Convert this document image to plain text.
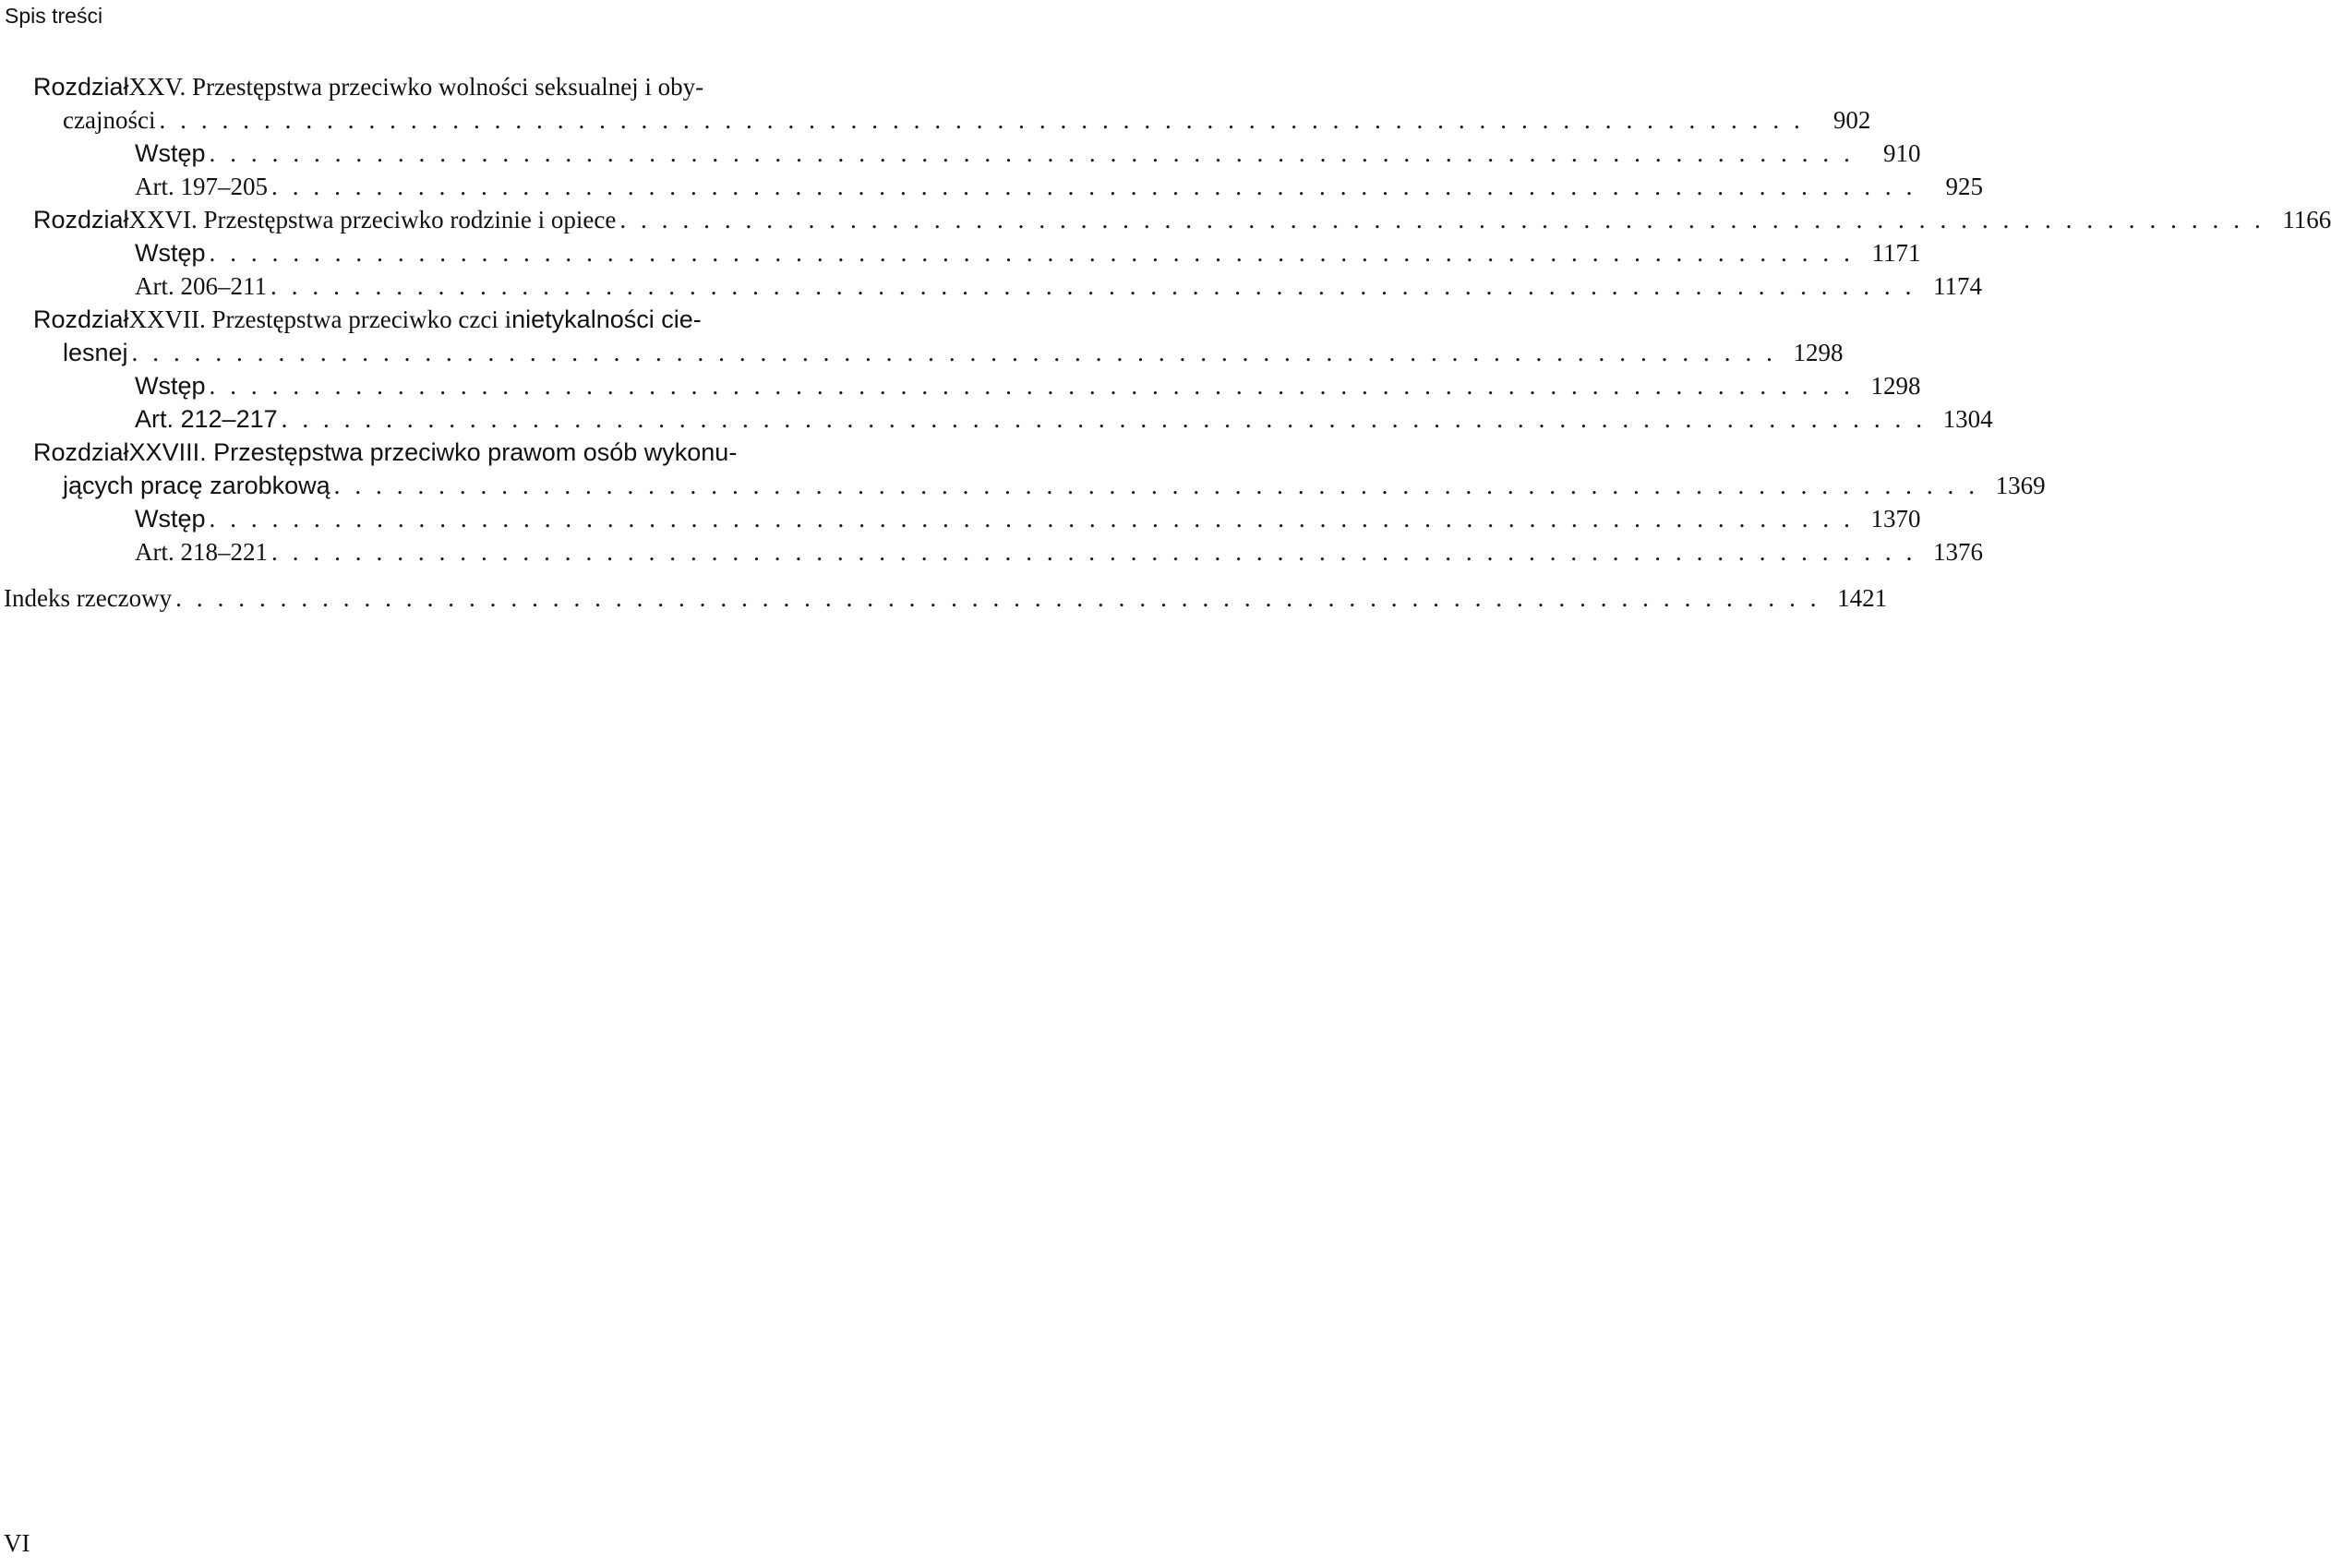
Spis treści
Rozdział XXV. Przestępstwa przeciwko wolności seksualnej i oby-
czajności . . . . . . . . . . . . . . . . . . . . . . . . . . . . . . . . . . . . . . . . . . . . . . . . . . . . . . . . . . . . . . . . . . . . . . . . . . . . . . .	902
Wstęp . . . . . . . . . . . . . . . . . . . . . . . . . . . . . . . . . . . . . . . . . . . . . . . . . . . . . . . . . . . . . . . . . . . . . . . . . . . . . . .	910
Art. 197–205 . . . . . . . . . . . . . . . . . . . . . . . . . . . . . . . . . . . . . . . . . . . . . . . . . . . . . . . . . . . . . . . . . . . . . . . . . . . . . . .	925
Rozdział XXVI. Przestępstwa przeciwko rodzinie i opiece . . . . . . . . . . . . . . . . . . . . . . . . . . . . . . . . . . . . . . . . . . . . . . . . . . . . . . . . . . . . . . . . . . . . . . . . . . . . . . . 1166
Wstęp . . . . . . . . . . . . . . . . . . . . . . . . . . . . . . . . . . . . . . . . . . . . . . . . . . . . . . . . . . . . . . . . . . . . . . . . . . . . . . . 1171
Art. 206–211 . . . . . . . . . . . . . . . . . . . . . . . . . . . . . . . . . . . . . . . . . . . . . . . . . . . . . . . . . . . . . . . . . . . . . . . . . . . . . . . 1174
Rozdział XXVII. Przestępstwa przeciwko czci i nietykalności cie-
lesnej . . . . . . . . . . . . . . . . . . . . . . . . . . . . . . . . . . . . . . . . . . . . . . . . . . . . . . . . . . . . . . . . . . . . . . . . . . . . . . . 1298
Wstęp . . . . . . . . . . . . . . . . . . . . . . . . . . . . . . . . . . . . . . . . . . . . . . . . . . . . . . . . . . . . . . . . . . . . . . . . . . . . . . . 1298
Art. 212–217 . . . . . . . . . . . . . . . . . . . . . . . . . . . . . . . . . . . . . . . . . . . . . . . . . . . . . . . . . . . . . . . . . . . . . . . . . . . . . . . 1304
Rozdział XXVIII. Przestępstwa przeciwko prawom osób wykonu-
jących pracę zarobkową . . . . . . . . . . . . . . . . . . . . . . . . . . . . . . . . . . . . . . . . . . . . . . . . . . . . . . . . . . . . . . . . . . . . . . . . . . . . . . . 1369
Wstęp . . . . . . . . . . . . . . . . . . . . . . . . . . . . . . . . . . . . . . . . . . . . . . . . . . . . . . . . . . . . . . . . . . . . . . . . . . . . . . . 1370
Art. 218–221 . . . . . . . . . . . . . . . . . . . . . . . . . . . . . . . . . . . . . . . . . . . . . . . . . . . . . . . . . . . . . . . . . . . . . . . . . . . . . . . 1376
Indeks rzeczowy . . . . . . . . . . . . . . . . . . . . . . . . . . . . . . . . . . . . . . . . . . . . . . . . . . . . . . . . . . . . . . . . . . . . . . . . . . . . . . . 1421
VI
